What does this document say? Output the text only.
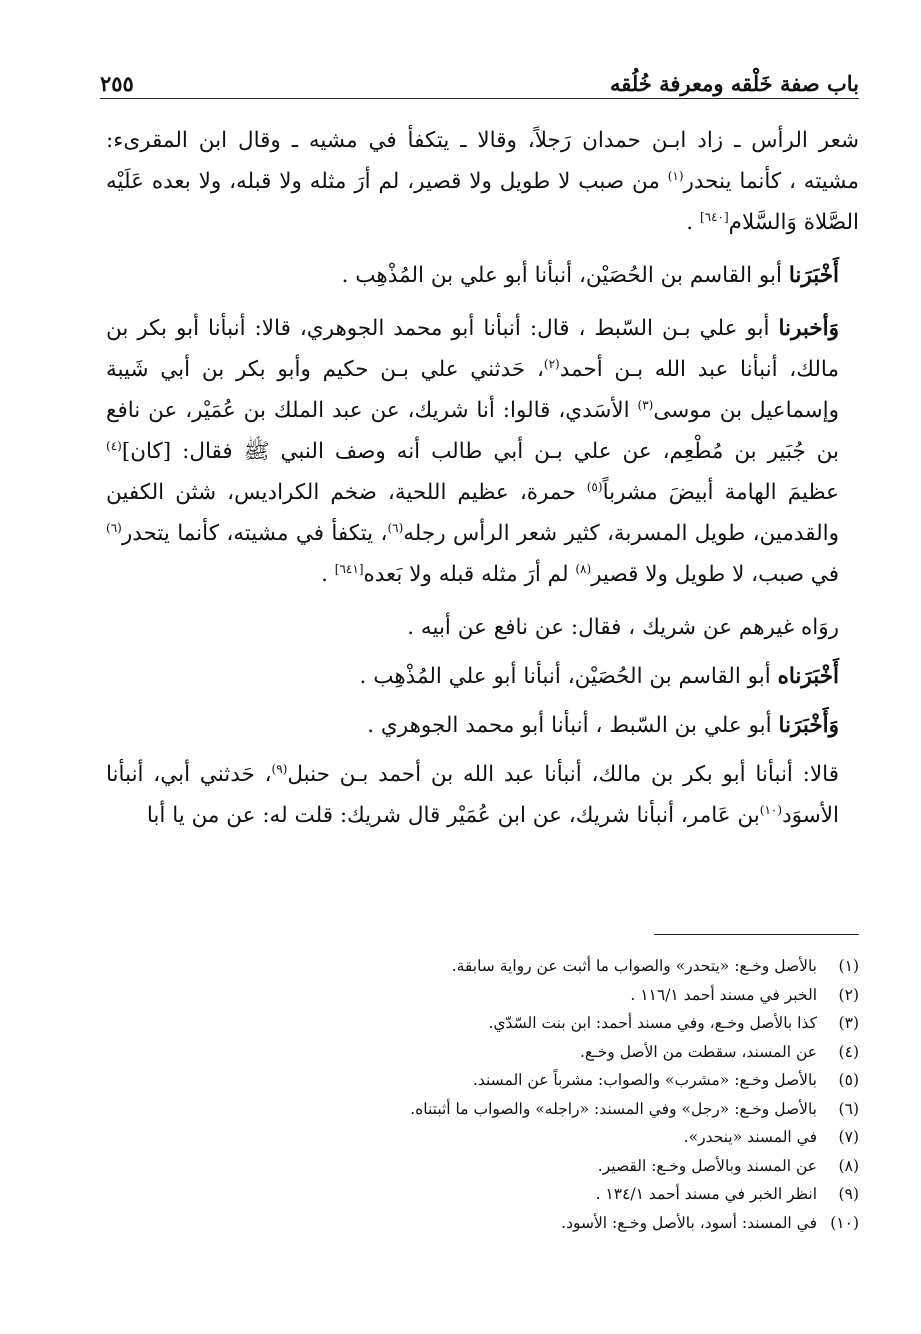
٢٥٥	باب صفة خَلْقه ومعرفة خُلُقه

شعر الرأس ـ زاد ابـن حمدان رَجلاً، وقالا ـ يتكفأ في مشيه ـ وقال ابن المقرىء: مشيته ، كأنما ينحدر$^{(١)}$ من صبب لا طويل ولا قصير، لم أرَ مثله ولا قبله، ولا بعده عَلَيْه الصَّلاة وَالسَّلام[٦٤٠] .

أَخْبَرَنا أبو القاسم بن الحُصَيْن، أنبأنا أبو علي بن المُذْهِب .

وَأخبرنا أبو علي بـن السّبط ، قال: أنبأنا أبو محمد الجوهري، قالا: أنبأنا أبو بكر بن مالك، أنبأنا عبد الله بـن أحمد$^{(٢)}$، حَدثني علي بـن حكيم وأبو بكر بن أبي شَيبة وإسماعيل بن موسى$^{(٣)}$ الأسَدي، قالوا: أنا شريك، عن عبد الملك بن عُمَيْر، عن نافع بن جُبَير بن مُطْعِم، عن علي بـن أبي طالب أنه وصف النبي ﷺ فقال: [كان]$^{(٤)}$ عظيمَ الهامة أبيضَ مشرباً$^{(٥)}$ حمرة، عظيم اللحية، ضخم الكراديس، شثن الكفين والقدمين، طويل المسربة، كثير شعر الرأس رجله$^{(٦)}$، يتكفأ في مشيته، كأنما يتحدر$^{(٦)}$ في صبب، لا طويل ولا قصير$^{(٨)}$ لم أرَ مثله قبله ولا بَعده[٦٤١] .

روَاه غيرهم عن شريك ، فقال: عن نافع عن أبيه .

أَخْبَرَناه أبو القاسم بن الحُصَيْن، أنبأنا أبو علي المُذْهِب .

وَأَخْبَرَنا أبو علي بن السّبط ، أنبأنا أبو محمد الجوهري .

قالا: أنبأنا أبو بكر بن مالك، أنبأنا عبد الله بن أحمد بـن حنبل$^{(٩)}$، حَدثني أبي، أنبأنا الأسوَد$^{(١٠)}$بن عَامر، أنبأنا شريك، عن ابن عُمَيْر قال شريك: قلت له: عن من يا أبا

(١)
بالأصل وخـع: «يتحدر» والصواب ما أثبت عن رواية سابقة.
(٢)
الخبر في مسند أحمد ١١٦/١ .
(٣)
كذا بالأصل وخـع، وفي مسند أحمد: ابن بنت السّدّي.
(٤)
عن المسند، سقطت من الأصل وخـع.
(٥)
بالأصل وخـع: «مشرب» والصواب: مشرباً عن المسند.
(٦)
بالأصل وخـع: «رجل» وفي المسند: «راجله» والصواب ما أثبتناه.
(٧)
في المسند «ينحدر».
(٨)
عن المسند وبالأصل وخـع: القصير.
(٩)
انظر الخبر في مسند أحمد ١٣٤/١ .
(١٠)
في المسند: أسود، بالأصل وخـع: الأسود.
